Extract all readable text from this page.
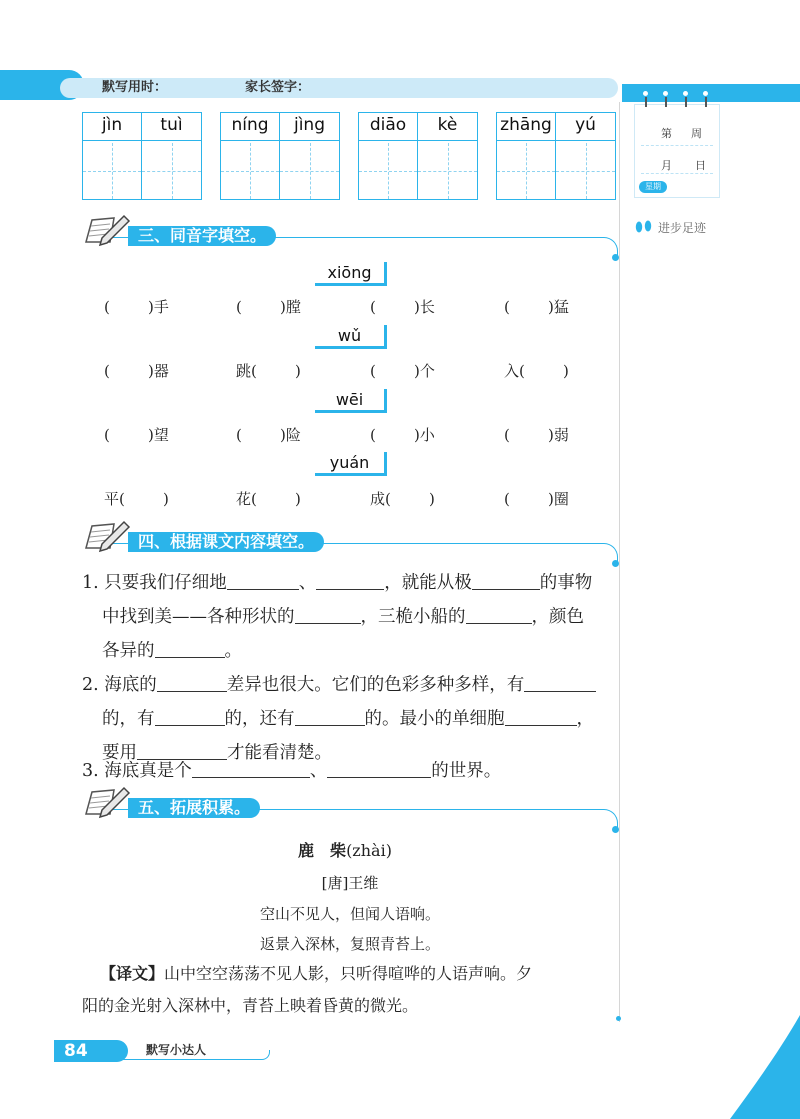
默写用时：	家长签字：
jìn	tuì	níng	jìng	diāo	kè	zhāng	yú	第 周
月 日
星期
进步足迹
三、同音字填空。
xiōng
(        )手	(        )膛	(        )长	(        )猛
wǔ
(        )器	跳(        )	(        )个	入(        )
wēi
(        )望	(        )险	(        )小	(        )弱
yuán
平(        )	花(        )	成(        )	(        )圈
四、根据课文内容填空。
1. 只要我们仔细地	、	，就能从极	的事物
中找到美——各种形状的	，三桅小船的	，颜色
各异的	。
2. 海底的	差异也很大。它们的色彩多种多样，有
的，有	的，还有	的。最小的单细胞	，
要用	才能看清楚。
3. 海底真是个	、	的世界。
五、拓展积累。
鹿　柴(zhài)
[唐]王维
空山不见人，但闻人语响。
返景入深林，复照青苔上。
【译文】山中空空荡荡不见人影，只听得喧哗的人语声响。夕
阳的金光射入深林中，青苔上映着昏黄的微光。
84	默写小达人
